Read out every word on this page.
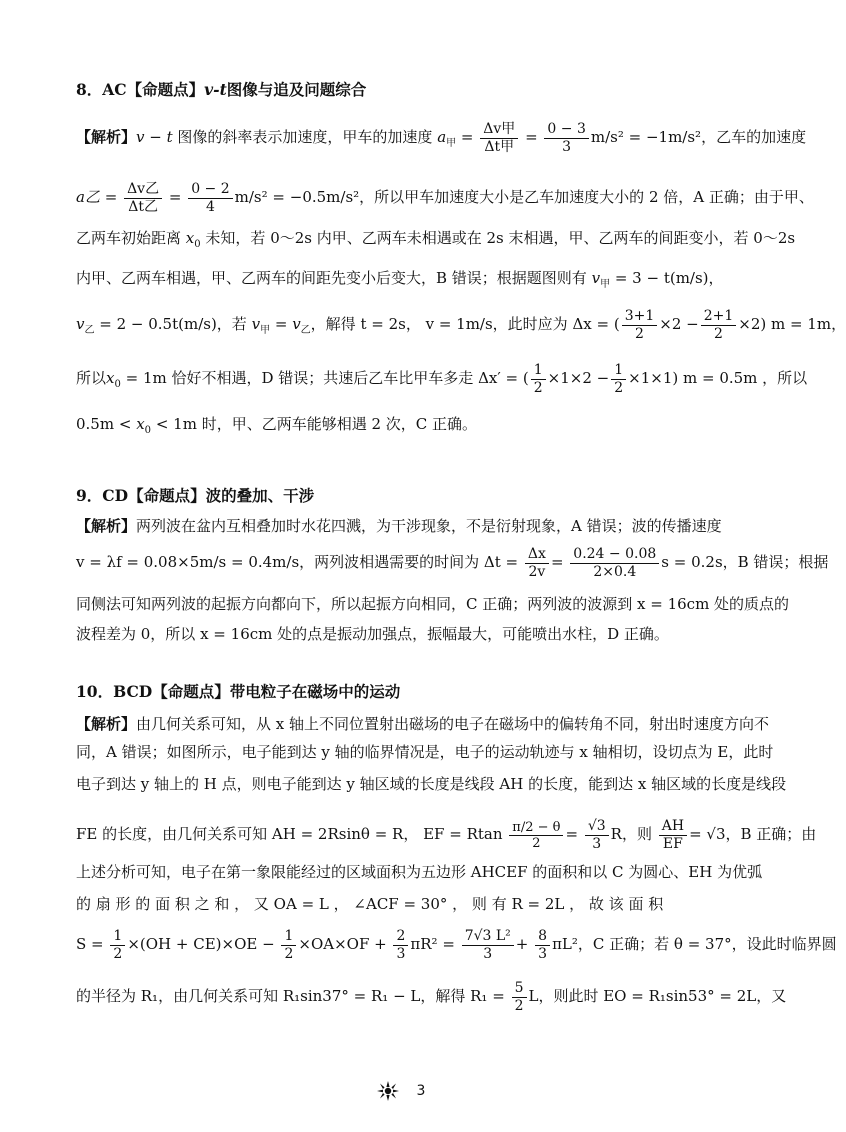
8．AC【命题点】v-t图像与追及问题综合
【解析】v − t 图像的斜率表示加速度，甲车的加速度 $a_甲 = \Delta v$甲
Δt甲
= $\frac{0 - 3}{3} m/s^2 = -1m/s^2$，乙车的加速度
a乙 = Δv乙
Δt乙
= $\frac{0 - 2}{4} m/s^2 = -0.5m/s^2$，所以甲车加速度大小是乙车加速度大小的 2 倍，A 正确；由于甲、
乙两车初始距离 $x_0$ 未知，若 0～2s 内甲、乙两车未相遇或在 2s 末相遇，甲、乙两车的间距变小，若 0～2s
内甲、乙两车相遇，甲、乙两车的间距先变小后变大，B 错误；根据题图则有 $v_甲 = 3 - t(m/s)$，
$v_乙 = 2 - 0.5t(m/s)$，若 $v_甲 = v_乙$，解得 t = 2s， v = 1m/s，此时应为 Δx = ( $\frac{3+1}{2} \times 2 - \frac{2+1}{2} \times 2$) m = 1m，
所以$x_0 = 1m$ 恰好不相遇，D 错误；共速后乙车比甲车多走 Δx′ = ( $\frac{1}{2} \times 1\times 2 - \frac{1}{2} \times 1\times 1$) m = 0.5m ，所以
$0.5m < x_0 < 1m$ 时，甲、乙两车能够相遇 2 次，C 正确。
9．CD【命题点】波的叠加、干涉
【解析】两列波在盆内互相叠加时水花四溅，为干涉现象，不是衍射现象，A 错误；波的传播速度
v = λf = 0.08×5m/s = 0.4m/s，两列波相遇需要的时间为 $\Delta t = \frac{\Delta x}{2v} = \frac{0.24 - 0.08}{2\times 0.4}$ s = 0.2s，B 错误；根据
同侧法可知两列波的起振方向都向下，所以起振方向相同，C 正确；两列波的波源到 x = 16cm 处的质点的
波程差为 0，所以 x = 16cm 处的点是振动加强点，振幅最大，可能喷出水柱，D 正确。
10．BCD【命题点】带电粒子在磁场中的运动
【解析】由几何关系可知，从 x 轴上不同位置射出磁场的电子在磁场中的偏转角不同，射出时速度方向不
同，A 错误；如图所示，电子能到达 y 轴的临界情况是，电子的运动轨迹与 x 轴相切，设切点为 E，此时
电子到达 y 轴上的 H 点，则电子能到达 y 轴区域的长度是线段 AH 的长度，能到达 x 轴区域的长度是线段
FE 的长度，由几何关系可知 AH = 2Rsinθ = R， EF = Rtan $\frac{\pi/2 - \theta}{2} = \frac{√3}{3}$ R，则 $\frac{AH}{EF} = √3$，B 正确；由
上述分析可知，电子在第一象限能经过的区域面积为五边形 AHCEF 的面积和以 C 为圆心、EH 为优弧
的 扇 形 的 面 积 之 和 ， 又 OA = L ， ∠ACF = 30° ， 则 有 R = 2L ， 故 该 面 积
$S = \frac{1}{2} \times(OH + CE)\times OE - \frac{1}{2} \times OA\times OF + \frac{2}{3} \pi R^2 = \frac{\text{7√3 L²}}{3} + \frac{8}{3} \pi L^2$，C 正确；若 θ = 37°，设此时临界圆
的半径为 R₁，由几何关系可知 R₁sin37° = R₁ − L，解得 $R_1 = \frac{5}{2}$ L，则此时 EO = R₁sin53° = 2L，又
3
